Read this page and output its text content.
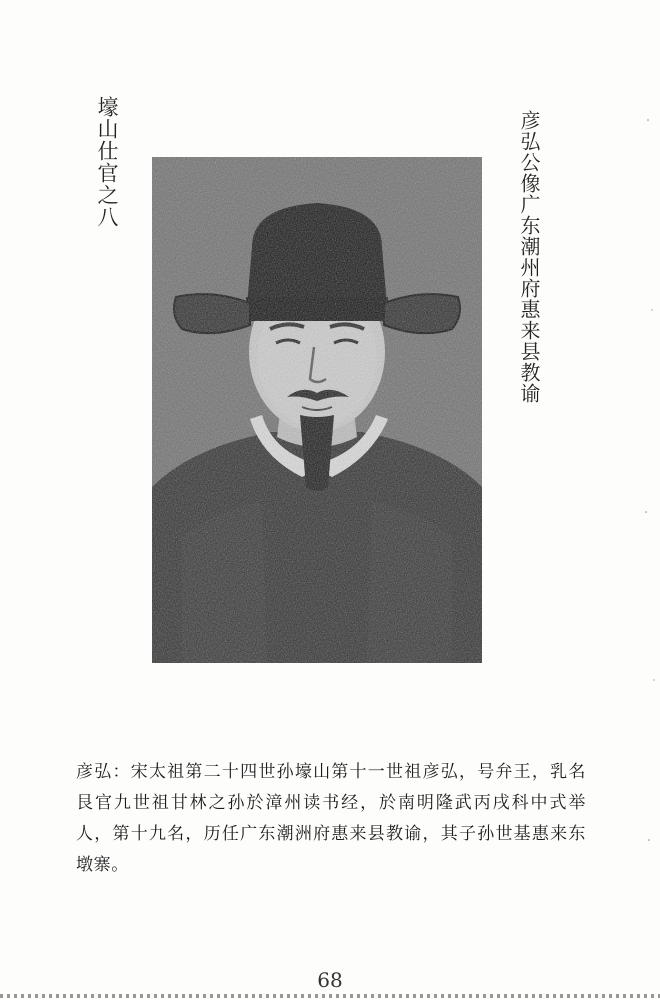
壕山仕官之八	彦弘公像广东潮州府惠来县教谕
彦弘：宋太祖第二十四世孙壕山第十一世祖彦弘，号弁王，乳名艮官九世祖甘林之孙於漳州读书经，於南明隆武丙戌科中式举人，第十九名，历任广东潮洲府惠来县教谕，其子孙世基惠来东墩寨。
68
